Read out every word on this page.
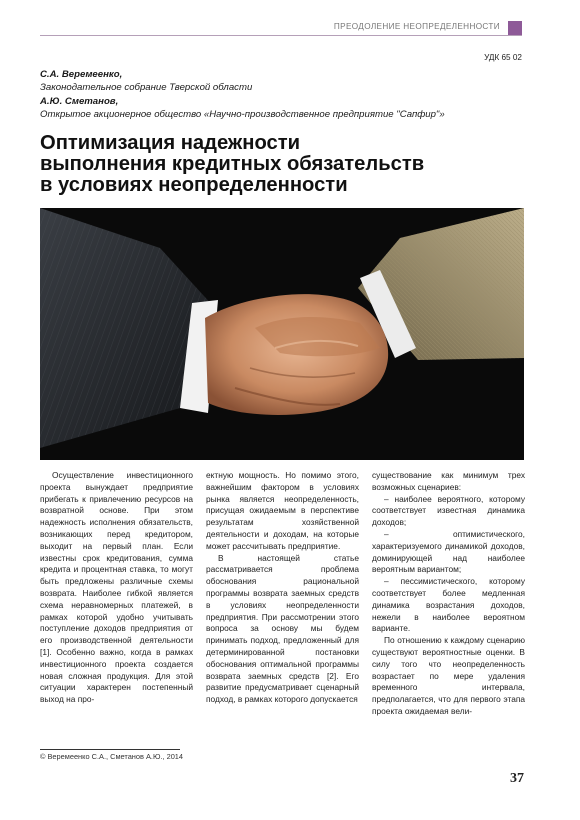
ПРЕОДОЛЕНИЕ НЕОПРЕДЕЛЕННОСТИ
УДК 65 02
С.А. Веремеенко,
Законодательное собрание Тверской области
А.Ю. Сметанов,
Открытое акционерное общество «Научно-производственное предприятие "Сапфир"»
Оптимизация надежности
выполнения кредитных обязательств
в условиях неопределенности

Осуществление инвестиционного проекта вынуждает предприятие прибегать к привлечению ресурсов на возвратной основе. При этом надежность исполнения обязательств, возникающих перед кредитором, выходит на первый план. Если известны срок кредитования, сумма кредита и процентная ставка, то могут быть предложены различные схемы возврата. Наиболее гибкой является схема неравномерных платежей, в рамках которой удобно учитывать поступление доходов предприятия от его производственной деятельности [1]. Особенно важно, когда в рамках инвестиционного проекта создается новая сложная продукция. Для этой ситуации характерен постепенный выход на про-

ектную мощность. Но помимо этого, важнейшим фактором в условиях рынка является неопределенность, присущая ожидаемым в перспективе результатам хозяйственной деятельности и доходам, на которые может рассчитывать предприятие.

В настоящей статье рассматривается проблема обоснования рациональной программы возврата заемных средств в условиях неопределенности предприятия. При рассмотрении этого вопроса за основу мы будем принимать подход, предложенный для детерминированной постановки обоснования оптимальной программы возврата заемных средств [2]. Его развитие предусматривает сценарный подход, в рамках которого допускается

существование как минимум трех возможных сценариев:

– наиболее вероятного, которому соответствует известная динамика доходов;

– оптимистического, характеризуемого динамикой доходов, доминирующей над наиболее вероятным вариантом;

– пессимистического, которому соответствует более медленная динамика возрастания доходов, нежели в наиболее вероятном варианте.

По отношению к каждому сценарию существуют вероятностные оценки. В силу того что неопределенность возрастает по мере удаления временного интервала, предполагается, что для первого этапа проекта ожидаемая вели-

© Веремеенко С.А., Сметанов А.Ю., 2014
37
